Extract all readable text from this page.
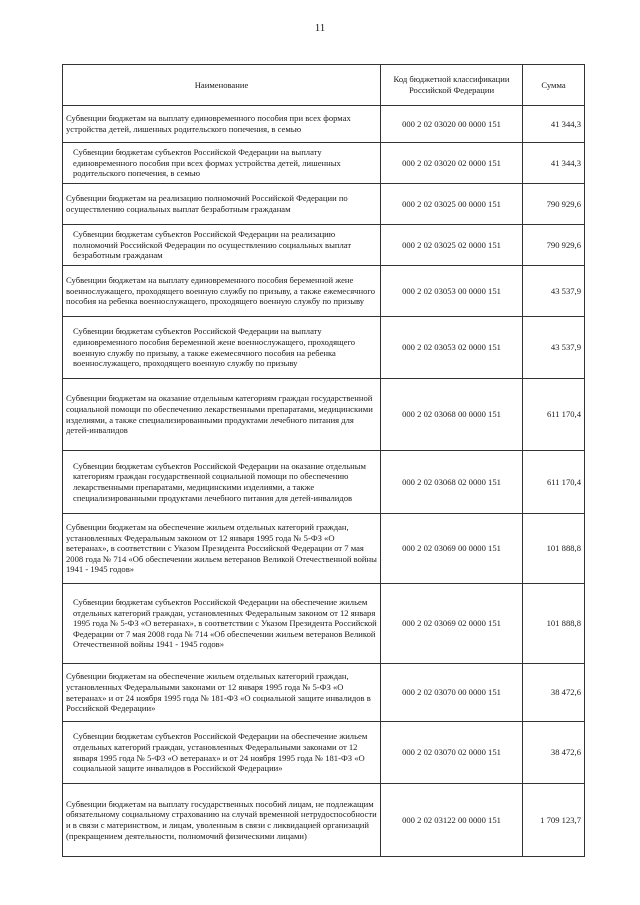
11
Наименование	Код бюджетной классификации Российской Федерации	Сумма
Субвенции бюджетам на выплату единовременного пособия при всех формах устройства детей, лишенных родительского попечения, в семью	000 2 02 03020 00 0000 151	41 344,3
Субвенции бюджетам субъектов Российской Федерации на выплату единовременного пособия при всех формах устройства детей, лишенных родительского попечения, в семью	000 2 02 03020 02 0000 151	41 344,3
Субвенции бюджетам на реализацию полномочий Российской Федерации по осуществлению социальных выплат безработным гражданам	000 2 02 03025 00 0000 151	790 929,6
Субвенции бюджетам субъектов Российской Федерации на реализацию полномочий Российской Федерации по осуществлению социальных выплат безработным гражданам	000 2 02 03025 02 0000 151	790 929,6
Субвенции бюджетам на выплату единовременного пособия беременной жене военнослужащего, проходящего военную службу по призыву, а также ежемесячного пособия на ребенка военнослужащего, проходящего военную службу по призыву	000 2 02 03053 00 0000 151	43 537,9
Субвенции бюджетам субъектов Российской Федерации на выплату единовременного пособия беременной жене военнослужащего, проходящего военную службу по призыву, а также ежемесячного пособия на ребенка военнослужащего, проходящего военную службу по призыву	000 2 02 03053 02 0000 151	43 537,9
Субвенции бюджетам на оказание отдельным категориям граждан государственной социальной помощи по обеспечению лекарственными препаратами, медицинскими изделиями, а также специализированными продуктами лечебного питания для детей-инвалидов	000 2 02 03068 00 0000 151	611 170,4
Субвенции бюджетам субъектов Российской Федерации на оказание отдельным категориям граждан государственной социальной помощи по обеспечению лекарственными препаратами, медицинскими изделиями, а также специализированными продуктами лечебного питания для детей-инвалидов	000 2 02 03068 02 0000 151	611 170,4
Субвенции бюджетам на обеспечение жильем отдельных категорий граждан, установленных Федеральным законом от 12 января 1995 года № 5-ФЗ «О ветеранах», в соответствии с Указом Президента Российской Федерации от 7 мая 2008 года № 714 «Об обеспечении жильем ветеранов Великой Отечественной войны 1941 - 1945 годов»	000 2 02 03069 00 0000 151	101 888,8
Субвенции бюджетам субъектов Российской Федерации на обеспечение жильем отдельных категорий граждан, установленных Федеральным законом от 12 января 1995 года № 5-ФЗ «О ветеранах», в соответствии с Указом Президента Российской Федерации от 7 мая 2008 года № 714 «Об обеспечении жильем ветеранов Великой Отечественной войны 1941 - 1945 годов»	000 2 02 03069 02 0000 151	101 888,8
Субвенции бюджетам на обеспечение жильем отдельных категорий граждан, установленных Федеральными законами от 12 января 1995 года № 5-ФЗ «О ветеранах» и от 24 ноября 1995 года № 181-ФЗ «О социальной защите инвалидов в Российской Федерации»	000 2 02 03070 00 0000 151	38 472,6
Субвенции бюджетам субъектов Российской Федерации на обеспечение жильем отдельных категорий граждан, установленных Федеральными законами от 12 января 1995 года № 5-ФЗ «О ветеранах» и от 24 ноября 1995 года № 181-ФЗ «О социальной защите инвалидов в Российской Федерации»	000 2 02 03070 02 0000 151	38 472,6
Субвенции бюджетам на выплату государственных пособий лицам, не подлежащим обязательному социальному страхованию на случай временной нетрудоспособности и в связи с материнством, и лицам, уволенным в связи с ликвидацией организаций (прекращением деятельности, полномочий физическими лицами)	000 2 02 03122 00 0000 151	1 709 123,7
